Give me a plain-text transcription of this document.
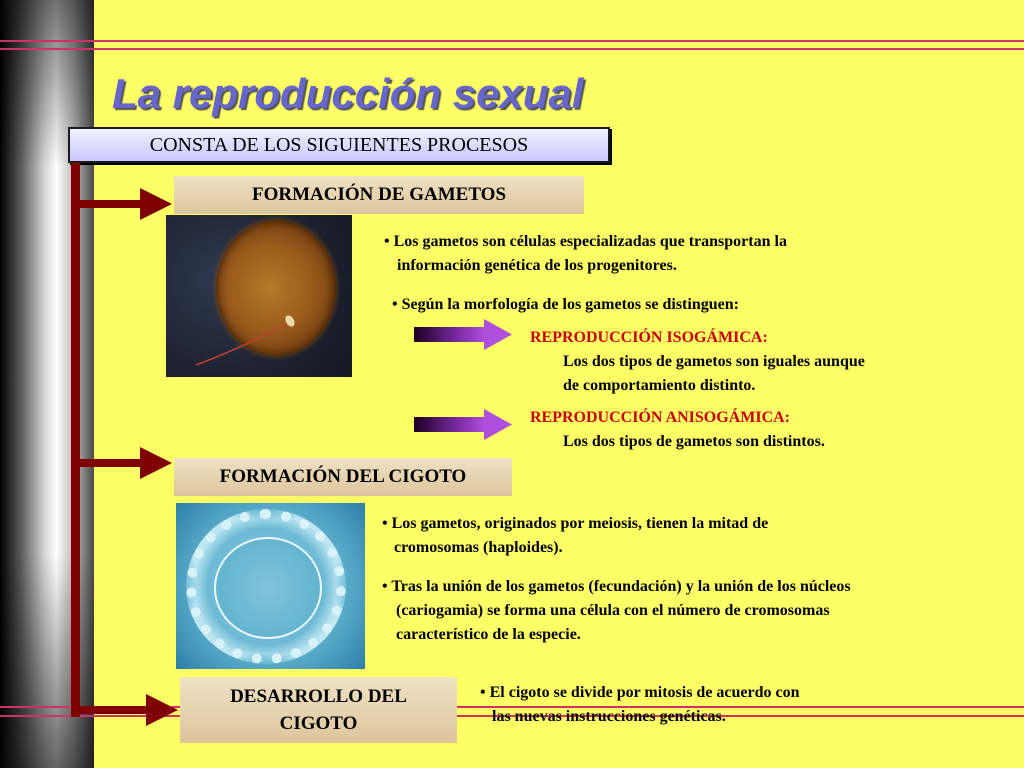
La reproducción sexual
CONSTA DE LOS SIGUIENTES PROCESOS
FORMACIÓN DE GAMETOS
• Los gametos son células especializadas que transportan la
información genética de los progenitores.
• Según la morfología de los gametos se distinguen:
REPRODUCCIÓN ISOGÁMICA:
Los dos tipos de gametos son iguales aunque
de comportamiento distinto.
REPRODUCCIÓN ANISOGÁMICA:
Los dos tipos de gametos son distintos.
FORMACIÓN DEL CIGOTO
• Los gametos, originados por meiosis, tienen la mitad de
cromosomas (haploides).
• Tras la unión de los gametos (fecundación) y la unión de los núcleos
(cariogamia) se forma una célula con el número de cromosomas
característico de la especie.
DESARROLLO DEL
CIGOTO
• El cigoto se divide por mitosis de acuerdo con
las nuevas instrucciones genéticas.
